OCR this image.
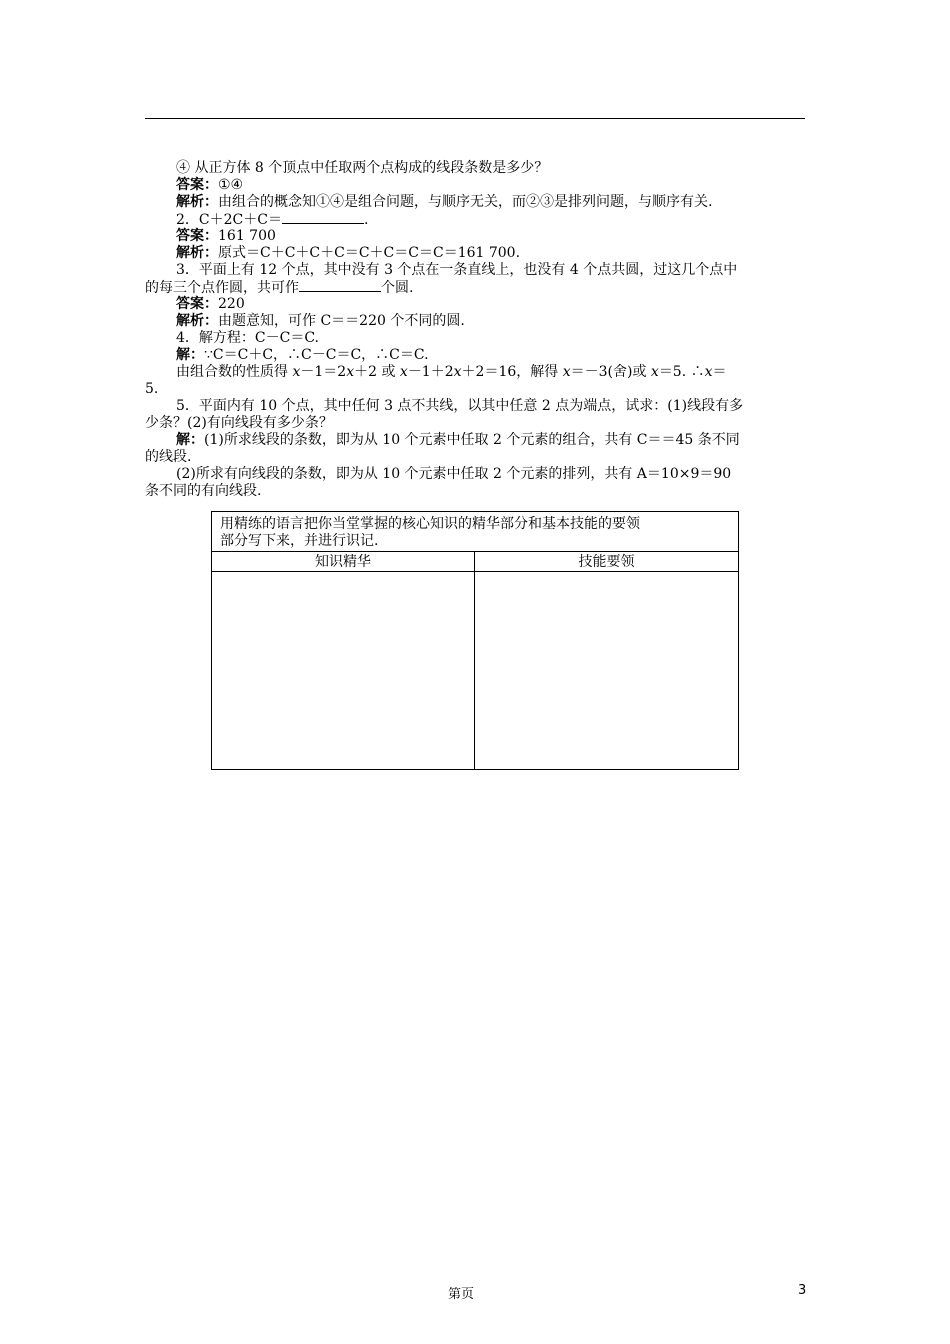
④ 从正方体 8 个顶点中任取两个点构成的线段条数是多少？
答案：①④
解析：由组合的概念知①④是组合问题，与顺序无关，而②③是排列问题，与顺序有关.
2．C＋2C＋C＝	.
答案：161 700
解析：原式＝C＋C＋C＋C＝C＋C＝C＝C＝161 700.
3．平面上有 12 个点，其中没有 3 个点在一条直线上，也没有 4 个点共圆，过这几个点中
的每三个点作圆，共可作	个圆.
答案：220
解析：由题意知，可作 C＝＝220 个不同的圆.
4．解方程：C－C＝C.
解：∵C＝C＋C，∴C－C＝C，∴C＝C.
由组合数的性质得 x－1＝2x＋2 或 x－1＋2x＋2＝16，解得 x＝－3(舍)或 x＝5. ∴x＝
5.
5．平面内有 10 个点，其中任何 3 点不共线，以其中任意 2 点为端点，试求：(1)线段有多
少条？(2)有向线段有多少条？
解：(1)所求线段的条数，即为从 10 个元素中任取 2 个元素的组合，共有 C＝＝45 条不同
的线段.
(2)所求有向线段的条数，即为从 10 个元素中任取 2 个元素的排列，共有 A＝10×9＝90
条不同的有向线段.
用精练的语言把你当堂掌握的核心知识的精华部分和基本技能的要领
部分写下来，并进行识记.
知识精华	技能要领
第页	3
